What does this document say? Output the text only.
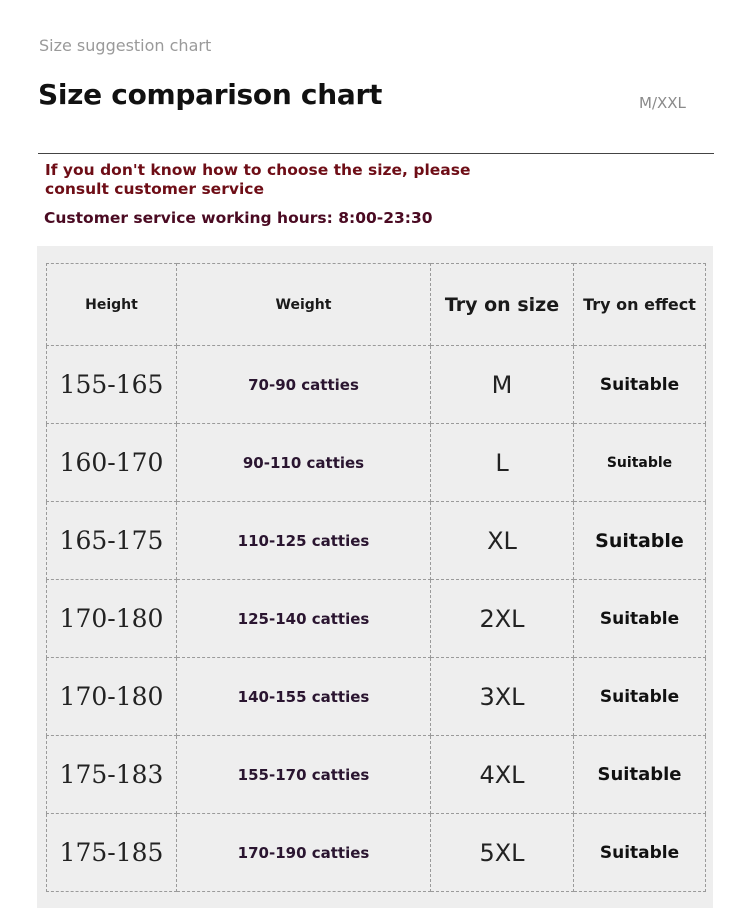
Size suggestion chart
Size comparison chart	M/XXL
If you don't know how to choose the size, please consult customer service
Customer service working hours: 8:00-23:30
Height	Weight	Try on size	Try on effect
155-165	70-90 catties	M	Suitable
160-170	90-110 catties	L	Suitable
165-175	110-125 catties	XL	Suitable
170-180	125-140 catties	2XL	Suitable
170-180	140-155 catties	3XL	Suitable
175-183	155-170 catties	4XL	Suitable
175-185	170-190 catties	5XL	Suitable
